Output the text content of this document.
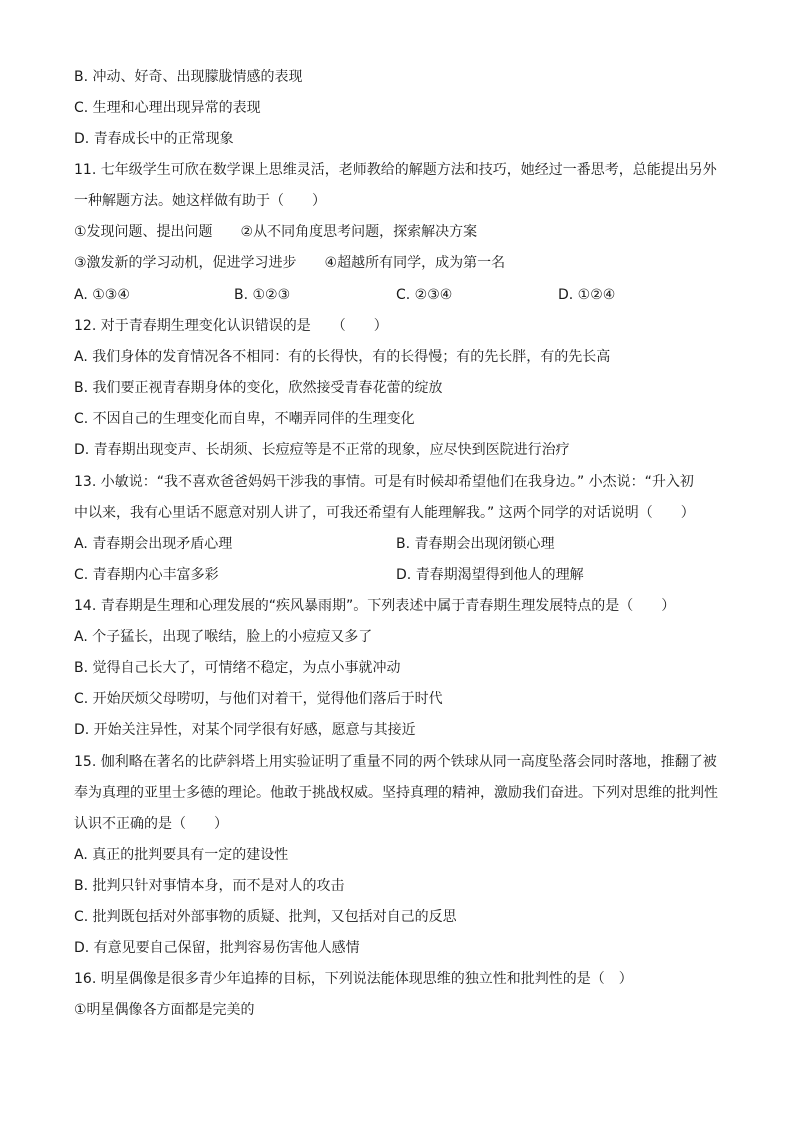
B. 冲动、好奇、出现朦胧情感的表现
C. 生理和心理出现异常的表现
D. 青春成长中的正常现象
11. 七年级学生可欣在数学课上思维灵活，老师教给的解题方法和技巧，她经过一番思考，总能提出另外
一种解题方法。她这样做有助于（　　）
①发现问题、提出问题　　②从不同角度思考问题，探索解决方案
③激发新的学习动机，促进学习进步　　④超越所有同学，成为第一名
A. ①③④	B. ①②③	C. ②③④	D. ①②④
12. 对于青春期生理变化认识错误的是　　（　　）
A. 我们身体的发育情况各不相同：有的长得快，有的长得慢；有的先长胖，有的先长高
B. 我们要正视青春期身体的变化，欣然接受青春花蕾的绽放
C. 不因自己的生理变化而自卑，不嘲弄同伴的生理变化
D. 青春期出现变声、长胡须、长痘痘等是不正常的现象，应尽快到医院进行治疗
13. 小敏说：“我不喜欢爸爸妈妈干涉我的事情。可是有时候却希望他们在我身边。” 小杰说：“升入初
中以来，我有心里话不愿意对别人讲了，可我还希望有人能理解我。” 这两个同学的对话说明（　　）
A. 青春期会出现矛盾心理	B. 青春期会出现闭锁心理
C. 青春期内心丰富多彩	D. 青春期渴望得到他人的理解
14. 青春期是生理和心理发展的“疾风暴雨期”。下列表述中属于青春期生理发展特点的是（　　）
A. 个子猛长，出现了喉结，脸上的小痘痘又多了
B. 觉得自己长大了，可情绪不稳定，为点小事就冲动
C. 开始厌烦父母唠叨，与他们对着干，觉得他们落后于时代
D. 开始关注异性，对某个同学很有好感，愿意与其接近
15. 伽利略在著名的比萨斜塔上用实验证明了重量不同的两个铁球从同一高度坠落会同时落地，推翻了被
奉为真理的亚里士多德的理论。他敢于挑战权威。坚持真理的精神，激励我们奋进。下列对思维的批判性
认识不正确的是（　　）
A. 真正的批判要具有一定的建设性
B. 批判只针对事情本身，而不是对人的攻击
C. 批判既包括对外部事物的质疑、批判，又包括对自己的反思
D. 有意见要自己保留，批判容易伤害他人感情
16. 明星偶像是很多青少年追捧的目标，下列说法能体现思维的独立性和批判性的是（　）
①明星偶像各方面都是完美的
